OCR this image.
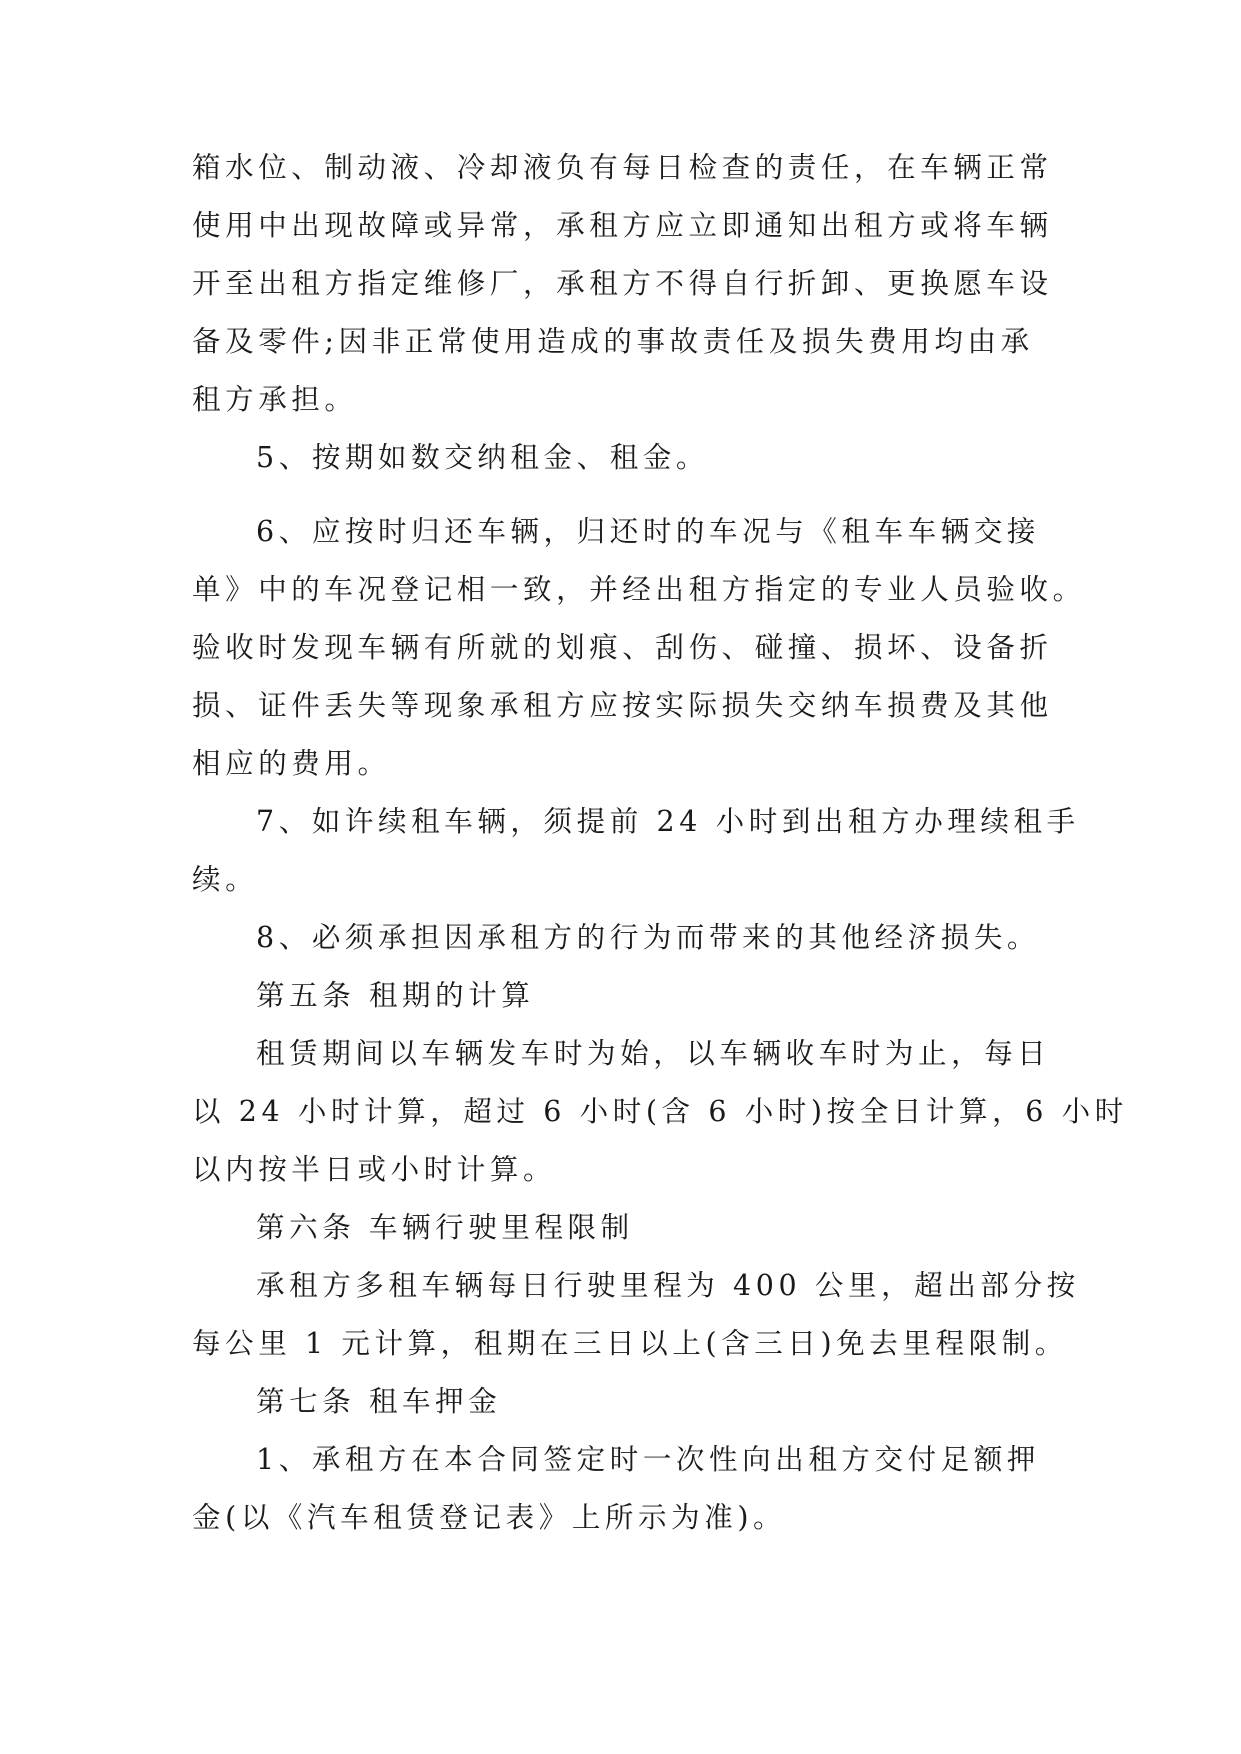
箱水位、制动液、冷却液负有每日检查的责任，在车辆正常
使用中出现故障或异常，承租方应立即通知出租方或将车辆
开至出租方指定维修厂，承租方不得自行折卸、更换愿车设
备及零件;因非正常使用造成的事故责任及损失费用均由承
租方承担。
5、按期如数交纳租金、租金。
6、应按时归还车辆，归还时的车况与《租车车辆交接
单》中的车况登记相一致，并经出租方指定的专业人员验收。
验收时发现车辆有所就的划痕、刮伤、碰撞、损坏、设备折
损、证件丢失等现象承租方应按实际损失交纳车损费及其他
相应的费用。
7、如许续租车辆，须提前 24 小时到出租方办理续租手
续。
8、必须承担因承租方的行为而带来的其他经济损失。
第五条 租期的计算
租赁期间以车辆发车时为始，以车辆收车时为止，每日
以 24 小时计算，超过 6 小时(含 6 小时)按全日计算，6 小时
以内按半日或小时计算。
第六条 车辆行驶里程限制
承租方多租车辆每日行驶里程为 400 公里，超出部分按
每公里 1 元计算，租期在三日以上(含三日)免去里程限制。
第七条 租车押金
1、承租方在本合同签定时一次性向出租方交付足额押
金(以《汽车租赁登记表》上所示为准)。
